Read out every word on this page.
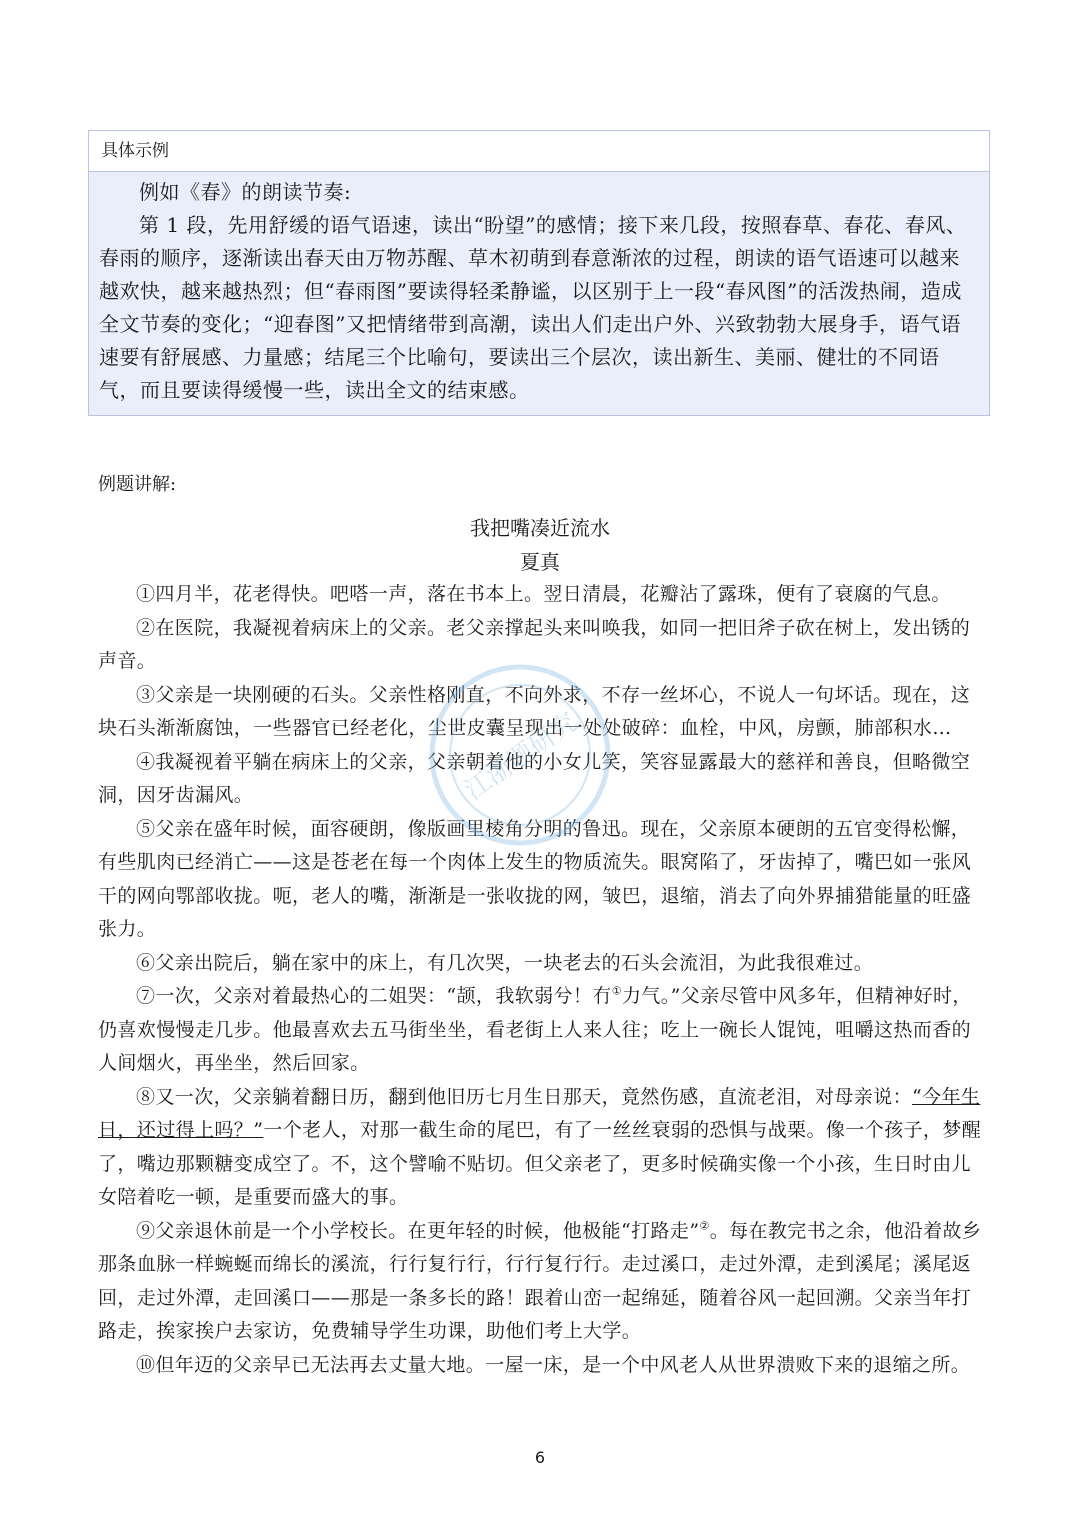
具体示例

例如《春》的朗读节奏:

第 1 段，先用舒缓的语气语速，读出“盼望”的感情；接下来几段，按照春草、春花、春风、春雨的顺序，逐渐读出春天由万物苏醒、草木初萌到春意渐浓的过程，朗读的语气语速可以越来越欢快，越来越热烈；但“春雨图”要读得轻柔静谧，以区别于上一段“春风图”的活泼热闹，造成全文节奏的变化；“迎春图”又把情绪带到高潮，读出人们走出户外、兴致勃勃大展身手，语气语速要有舒展感、力量感；结尾三个比喻句，要读出三个层次，读出新生、美丽、健壮的不同语气，而且要读得缓慢一些，读出全文的结束感。

例题讲解:
我把嘴凑近流水
夏真

①四月半，花老得快。吧嗒一声，落在书本上。翌日清晨，花瓣沾了露珠，便有了衰腐的气息。

②在医院，我凝视着病床上的父亲。老父亲撑起头来叫唤我，如同一把旧斧子砍在树上，发出锈的声音。

③父亲是一块刚硬的石头。父亲性格刚直，不向外求，不存一丝坏心，不说人一句坏话。现在，这块石头渐渐腐蚀，一些器官已经老化，尘世皮囊呈现出一处处破碎：血栓，中风，房颤，肺部积水…

④我凝视着平躺在病床上的父亲，父亲朝着他的小女儿笑，笑容显露最大的慈祥和善良，但略微空洞，因牙齿漏风。

⑤父亲在盛年时候，面容硬朗，像版画里棱角分明的鲁迅。现在，父亲原本硬朗的五官变得松懈，有些肌肉已经消亡——这是苍老在每一个肉体上发生的物质流失。眼窝陷了，牙齿掉了，嘴巴如一张风干的网向鄂部收拢。呃，老人的嘴，渐渐是一张收拢的网，皱巴，退缩，消去了向外界捕猎能量的旺盛张力。

⑥父亲出院后，躺在家中的床上，有几次哭，一块老去的石头会流泪，为此我很难过。

⑦一次，父亲对着最热心的二姐哭：“颉，我软弱兮！冇①力气。”父亲尽管中风多年，但精神好时，仍喜欢慢慢走几步。他最喜欢去五马街坐坐，看老街上人来人往；吃上一碗长人馄饨，咀嚼这热而香的人间烟火，再坐坐，然后回家。

⑧又一次，父亲躺着翻日历，翻到他旧历七月生日那天，竟然伤感，直流老泪，对母亲说：“今年生日，还过得上吗？”一个老人，对那一截生命的尾巴，有了一丝丝衰弱的恐惧与战栗。像一个孩子，梦醒了，嘴边那颗糖变成空了。不，这个譬喻不贴切。但父亲老了，更多时候确实像一个小孩，生日时由儿女陪着吃一顿，是重要而盛大的事。

⑨父亲退休前是一个小学校长。在更年轻的时候，他极能“打路走”②。每在教完书之余，他沿着故乡那条血脉一样蜿蜒而绵长的溪流，行行复行行，行行复行行。走过溪口，走过外潭，走到溪尾；溪尾返回，走过外潭，走回溪口——那是一条多长的路！跟着山峦一起绵延，随着谷风一起回溯。父亲当年打路走，挨家挨户去家访，免费辅导学生功课，助他们考上大学。

⑩但年迈的父亲早已无法再去丈量大地。一屋一床，是一个中风老人从世界溃败下来的退缩之所。

江浙题研究
6
